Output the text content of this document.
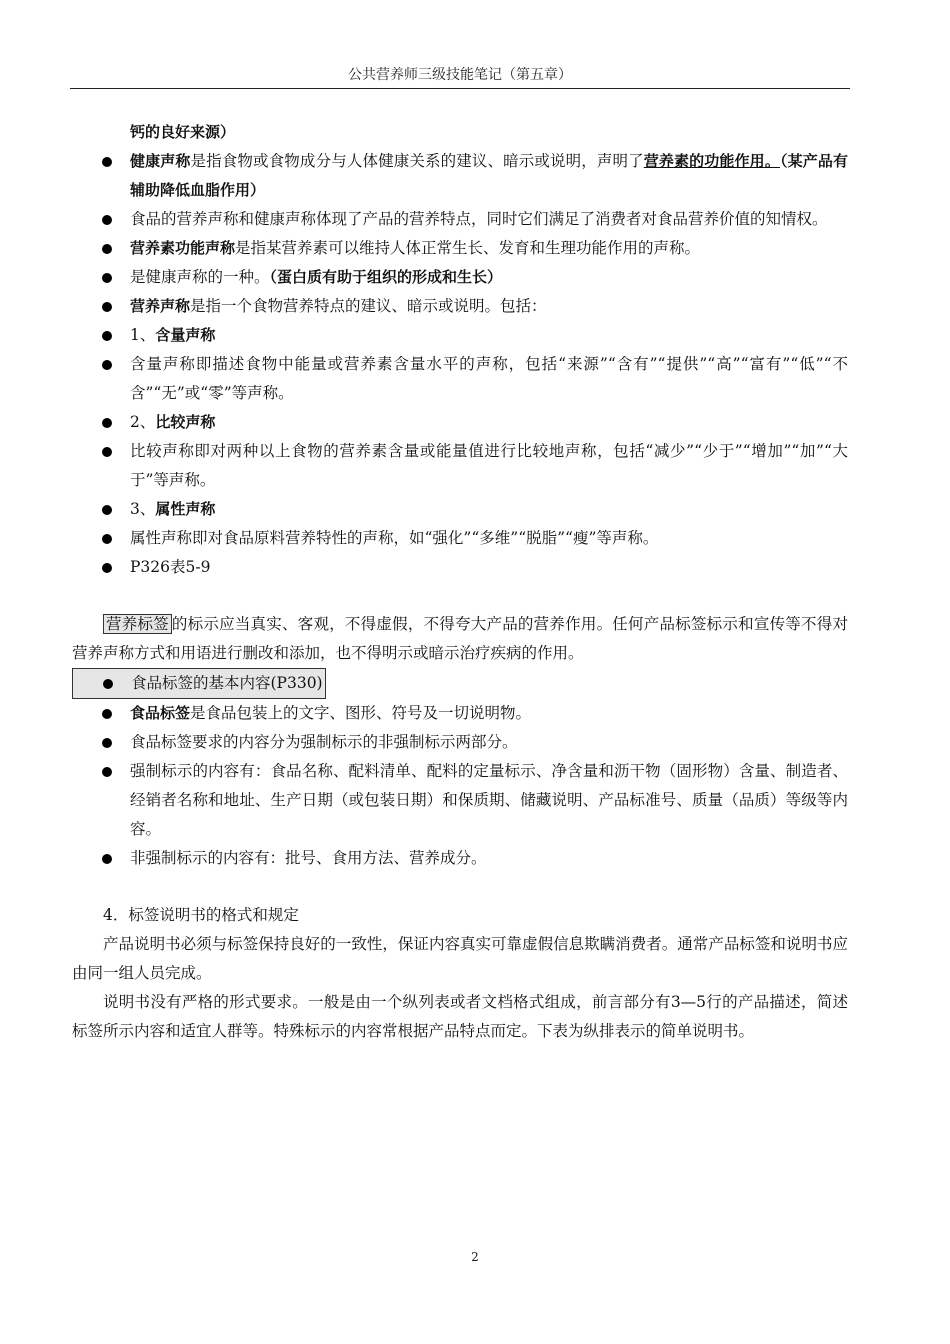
公共营养师三级技能笔记（第五章）
钙的良好来源）
健康声称是指食物或食物成分与人体健康关系的建议、暗示或说明，声明了营养素的功能作用。（某产品有辅助降低血脂作用）
食品的营养声称和健康声称体现了产品的营养特点，同时它们满足了消费者对食品营养价值的知情权。
营养素功能声称是指某营养素可以维持人体正常生长、发育和生理功能作用的声称。
是健康声称的一种。（蛋白质有助于组织的形成和生长）
营养声称是指一个食物营养特点的建议、暗示或说明。包括：
1、含量声称
含量声称即描述食物中能量或营养素含量水平的声称，包括“来源”“含有”“提供”“高”“富有”“低”“不含”“无”或“零”等声称。
2、比较声称
比较声称即对两种以上食物的营养素含量或能量值进行比较地声称，包括“减少”“少于”“增加”“加”“大于”等声称。
3、属性声称
属性声称即对食品原料营养特性的声称，如“强化”“多维”“脱脂”“瘦”等声称。
P326表5-9
营养标签 的标示应当真实、客观，不得虚假，不得夸大产品的营养作用。任何产品标签标示和宣传等不得对营养声称方式和用语进行删改和添加，也不得明示或暗示治疗疾病的作用。
食品标签的基本内容(P330)
食品标签是食品包装上的文字、图形、符号及一切说明物。
食品标签要求的内容分为强制标示的非强制标示两部分。
强制标示的内容有：食品名称、配料清单、配料的定量标示、净含量和沥干物（固形物）含量、制造者、经销者名称和地址、生产日期（或包装日期）和保质期、储藏说明、产品标准号、质量（品质）等级等内容。
非强制标示的内容有：批号、食用方法、营养成分。
4．标签说明书的格式和规定
产品说明书必须与标签保持良好的一致性，保证内容真实可靠虚假信息欺瞒消费者。通常产品标签和说明书应由同一组人员完成。
说明书没有严格的形式要求。一般是由一个纵列表或者文档格式组成，前言部分有3—5行的产品描述，简述标签所示内容和适宜人群等。特殊标示的内容常根据产品特点而定。下表为纵排表示的简单说明书。
2
